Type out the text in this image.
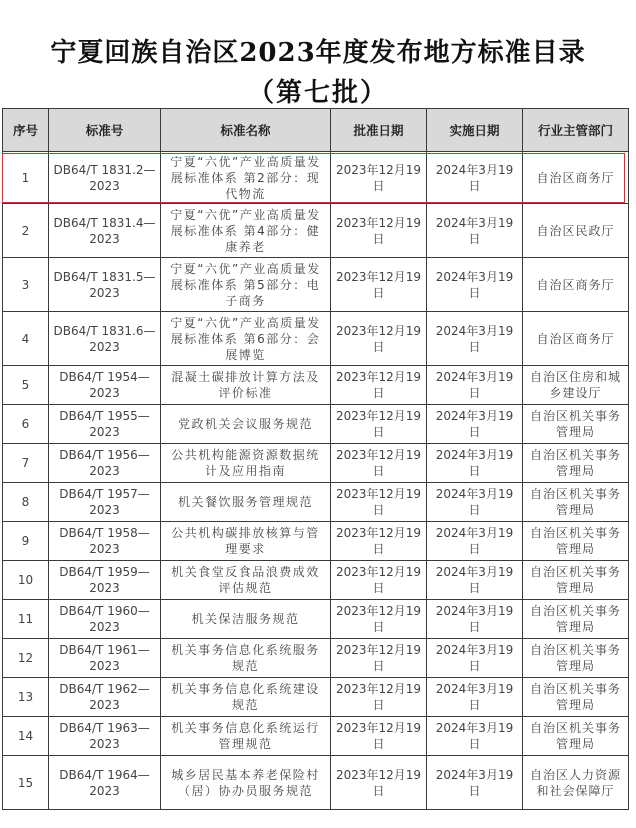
宁夏回族自治区2023年度发布地方标准目录
（第七批）
序号	标准号	标准名称	批准日期	实施日期	行业主管部门
1	DB64/T 1831.2—2023	宁夏“六优”产业高质量发展标准体系 第2部分：现代物流	2023年12月19日	2024年3月19日	自治区商务厅
2	DB64/T 1831.4—2023	宁夏“六优”产业高质量发展标准体系 第4部分：健康养老	2023年12月19日	2024年3月19日	自治区民政厅
3	DB64/T 1831.5—2023	宁夏“六优”产业高质量发展标准体系 第5部分：电子商务	2023年12月19日	2024年3月19日	自治区商务厅
4	DB64/T 1831.6—2023	宁夏“六优”产业高质量发展标准体系 第6部分：会展博览	2023年12月19日	2024年3月19日	自治区商务厅
5	DB64/T 1954—2023	混凝土碳排放计算方法及评价标准	2023年12月19日	2024年3月19日	自治区住房和城乡建设厅
6	DB64/T 1955—2023	党政机关会议服务规范	2023年12月19日	2024年3月19日	自治区机关事务管理局
7	DB64/T 1956—2023	公共机构能源资源数据统计及应用指南	2023年12月19日	2024年3月19日	自治区机关事务管理局
8	DB64/T 1957—2023	机关餐饮服务管理规范	2023年12月19日	2024年3月19日	自治区机关事务管理局
9	DB64/T 1958—2023	公共机构碳排放核算与管理要求	2023年12月19日	2024年3月19日	自治区机关事务管理局
10	DB64/T 1959—2023	机关食堂反食品浪费成效评估规范	2023年12月19日	2024年3月19日	自治区机关事务管理局
11	DB64/T 1960—2023	机关保洁服务规范	2023年12月19日	2024年3月19日	自治区机关事务管理局
12	DB64/T 1961—2023	机关事务信息化系统服务规范	2023年12月19日	2024年3月19日	自治区机关事务管理局
13	DB64/T 1962—2023	机关事务信息化系统建设规范	2023年12月19日	2024年3月19日	自治区机关事务管理局
14	DB64/T 1963—2023	机关事务信息化系统运行管理规范	2023年12月19日	2024年3月19日	自治区机关事务管理局
15	DB64/T 1964—2023	城乡居民基本养老保险村（居）协办员服务规范	2023年12月19日	2024年3月19日	自治区人力资源和社会保障厅
